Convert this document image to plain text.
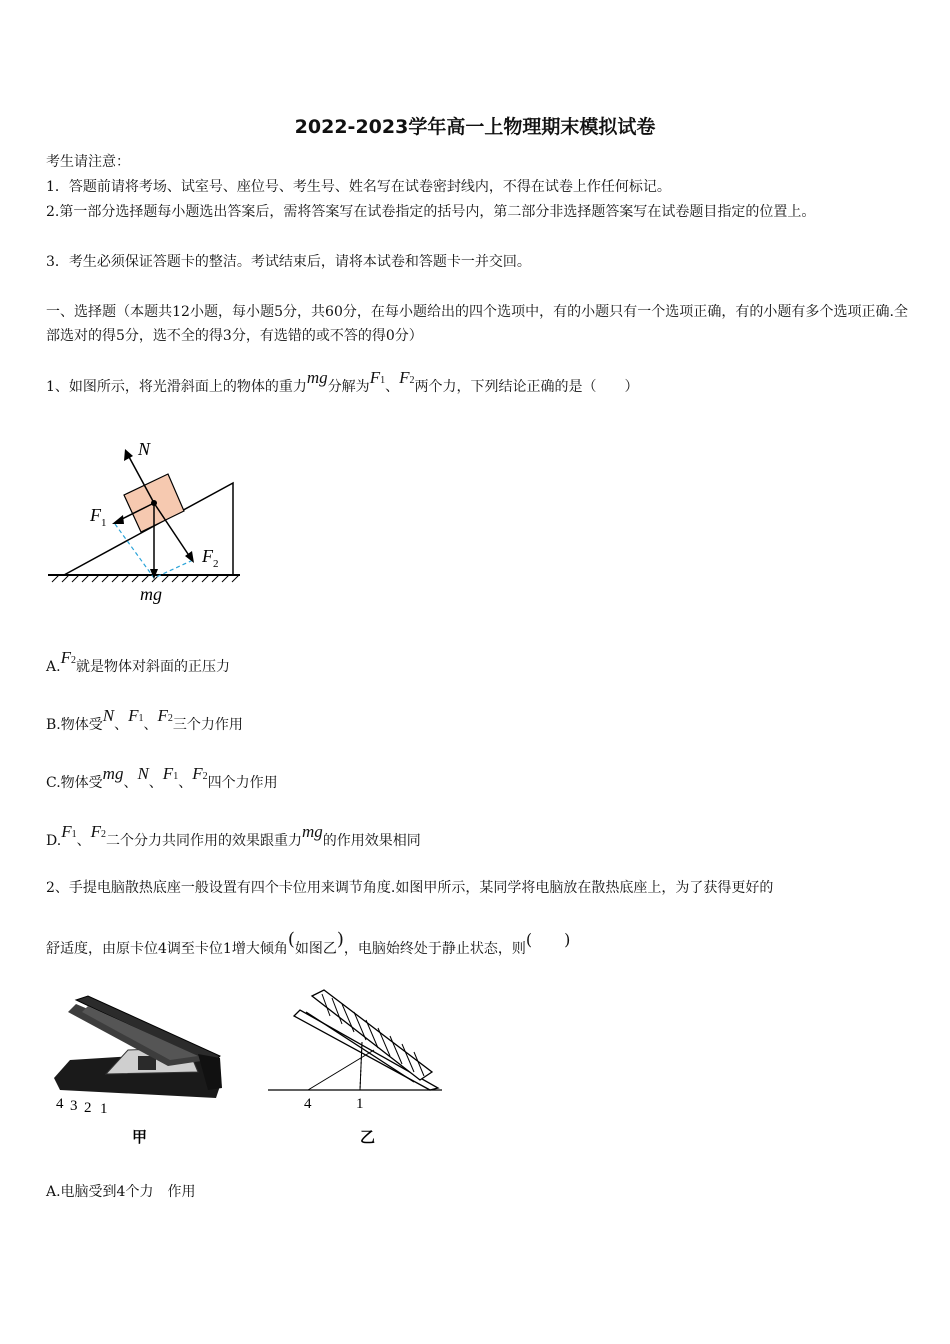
2022-2023学年高一上物理期末模拟试卷
考生请注意：
1．答题前请将考场、试室号、座位号、考生号、姓名写在试卷密封线内，不得在试卷上作任何标记。
2.第一部分选择题每小题选出答案后，需将答案写在试卷指定的括号内，第二部分非选择题答案写在试卷题目指定的位置上。
3．考生必须保证答题卡的整洁。考试结束后，请将本试卷和答题卡一并交回。
一、选择题（本题共12小题，每小题5分，共60分，在每小题给出的四个选项中，有的小题只有一个选项正确，有的小题有多个选项正确.全部选对的得5分，选不全的得3分，有选错的或不答的得0分）
1、如图所示，将光滑斜面上的物体的重力mg分解为F1、F2两个力，下列结论正确的是（　　）
N
F 1
F 2
mg
A.F2就是物体对斜面的正压力
B.物体受N、F1、F2三个力作用
C.物体受mg、N、F1、F2四个力作用
D.F1、F2二个分力共同作用的效果跟重力mg的作用效果相同
2、手提电脑散热底座一般设置有四个卡位用来调节角度.如图甲所示，某同学将电脑放在散热底座上，为了获得更好的
舒适度，由原卡位4调至卡位1增大倾角(如图乙)，电脑始终处于静止状态，则(　　)
4 3 2 1
甲
4	1
乙
A.电脑受到4个力　作用
